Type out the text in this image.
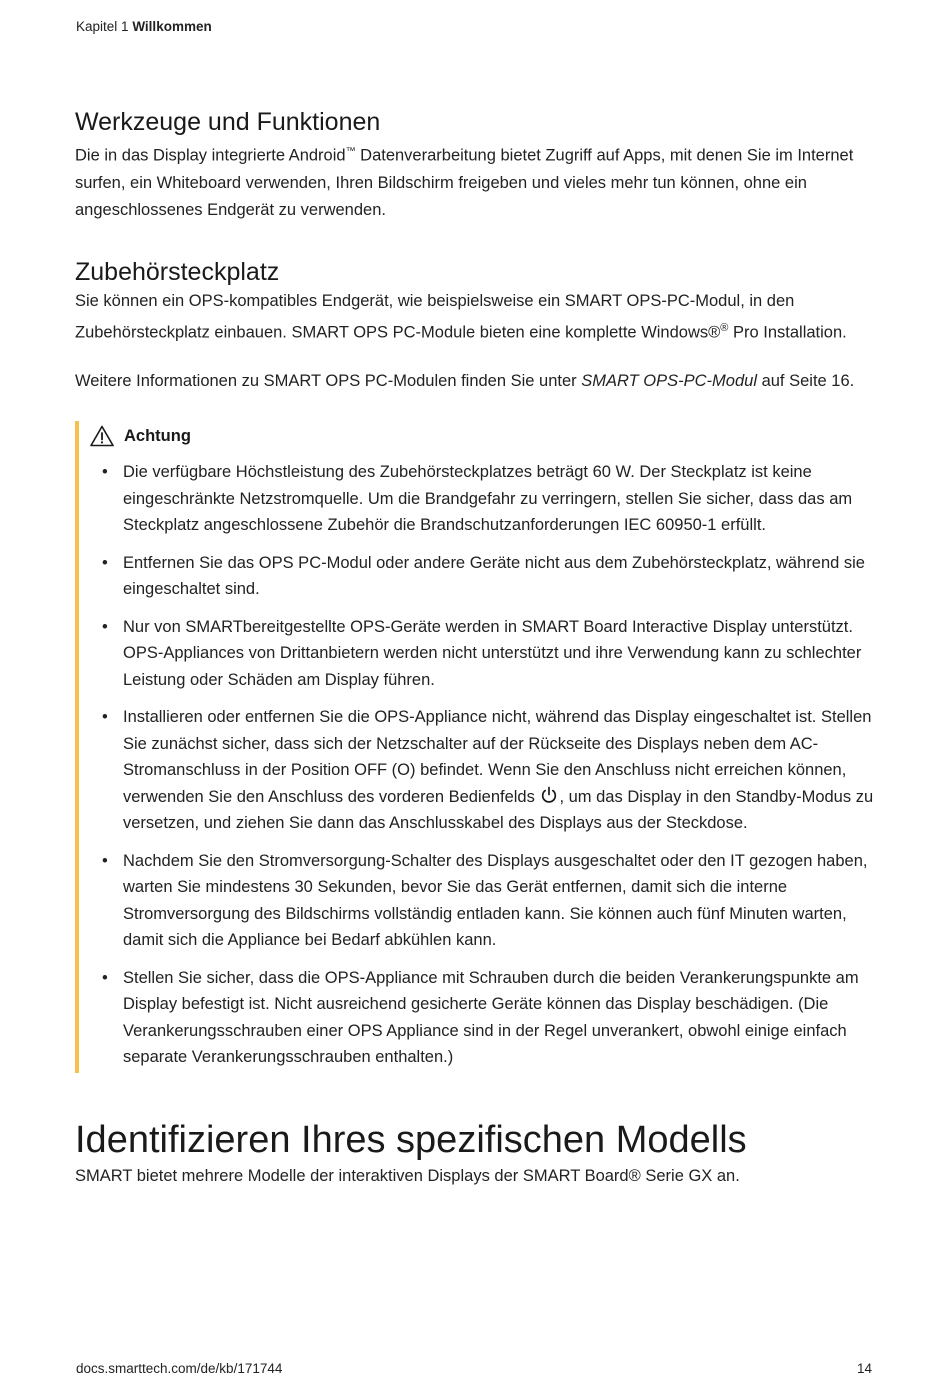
Kapitel 1 Willkommen
Werkzeuge und Funktionen

Die in das Display integrierte Android™ Datenverarbeitung bietet Zugriff auf Apps, mit denen Sie im Internet surfen, ein Whiteboard verwenden, Ihren Bildschirm freigeben und vieles mehr tun können, ohne ein angeschlossenes Endgerät zu verwenden.

Zubehörsteckplatz

Sie können ein OPS-kompatibles Endgerät, wie beispielsweise ein SMART OPS-PC-Modul, in den Zubehörsteckplatz einbauen. SMART OPS PC-Module bieten eine komplette Windows®® Pro Installation.

Weitere Informationen zu SMART OPS PC-Modulen finden Sie unter SMART OPS-PC-Modul auf Seite 16.

Achtung
• Die verfügbare Höchstleistung des Zubehörsteckplatzes beträgt 60 W. Der Steckplatz ist keine eingeschränkte Netzstromquelle. Um die Brandgefahr zu verringern, stellen Sie sicher, dass das am Steckplatz angeschlossene Zubehör die Brandschutzanforderungen IEC 60950-1 erfüllt.
• Entfernen Sie das OPS PC-Modul oder andere Geräte nicht aus dem Zubehörsteckplatz, während sie eingeschaltet sind.
• Nur von SMARTbereitgestellte OPS-Geräte werden in SMART Board Interactive Display unterstützt. OPS-Appliances von Drittanbietern werden nicht unterstützt und ihre Verwendung kann zu schlechter Leistung oder Schäden am Display führen.
• Installieren oder entfernen Sie die OPS-Appliance nicht, während das Display eingeschaltet ist. Stellen Sie zunächst sicher, dass sich der Netzschalter auf der Rückseite des Displays neben dem AC-Stromanschluss in der Position OFF (O) befindet. Wenn Sie den Anschluss nicht erreichen können, verwenden Sie den Anschluss des vorderen Bedienfelds , um das Display in den Standby-Modus zu versetzen, und ziehen Sie dann das Anschlusskabel des Displays aus der Steckdose.
• Nachdem Sie den Stromversorgung-Schalter des Displays ausgeschaltet oder den IT gezogen haben, warten Sie mindestens 30 Sekunden, bevor Sie das Gerät entfernen, damit sich die interne Stromversorgung des Bildschirms vollständig entladen kann. Sie können auch fünf Minuten warten, damit sich die Appliance bei Bedarf abkühlen kann.
• Stellen Sie sicher, dass die OPS-Appliance mit Schrauben durch die beiden Verankerungspunkte am Display befestigt ist. Nicht ausreichend gesicherte Geräte können das Display beschädigen. (Die Verankerungsschrauben einer OPS Appliance sind in der Regel unverankert, obwohl einige einfach separate Verankerungsschrauben enthalten.)
Identifizieren Ihres spezifischen Modells

SMART bietet mehrere Modelle der interaktiven Displays der SMART Board® Serie GX an.

docs.smarttech.com/de/kb/171744	14
